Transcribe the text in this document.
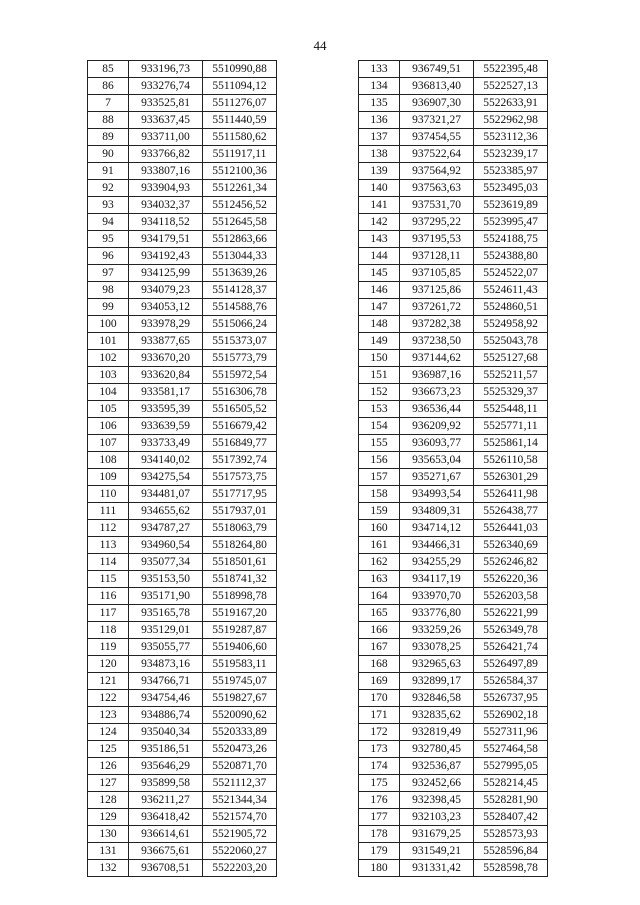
44
85	933196,73	5510990,88
86	933276,74	5511094,12
7	933525,81	5511276,07
88	933637,45	5511440,59
89	933711,00	5511580,62
90	933766,82	5511917,11
91	933807,16	5512100,36
92	933904,93	5512261,34
93	934032,37	5512456,52
94	934118,52	5512645,58
95	934179,51	5512863,66
96	934192,43	5513044,33
97	934125,99	5513639,26
98	934079,23	5514128,37
99	934053,12	5514588,76
100	933978,29	5515066,24
101	933877,65	5515373,07
102	933670,20	5515773,79
103	933620,84	5515972,54
104	933581,17	5516306,78
105	933595,39	5516505,52
106	933639,59	5516679,42
107	933733,49	5516849,77
108	934140,02	5517392,74
109	934275,54	5517573,75
110	934481,07	5517717,95
111	934655,62	5517937,01
112	934787,27	5518063,79
113	934960,54	5518264,80
114	935077,34	5518501,61
115	935153,50	5518741,32
116	935171,90	5518998,78
117	935165,78	5519167,20
118	935129,01	5519287,87
119	935055,77	5519406,60
120	934873,16	5519583,11
121	934766,71	5519745,07
122	934754,46	5519827,67
123	934886,74	5520090,62
124	935040,34	5520333,89
125	935186,51	5520473,26
126	935646,29	5520871,70
127	935899,58	5521112,37
128	936211,27	5521344,34
129	936418,42	5521574,70
130	936614,61	5521905,72
131	936675,61	5522060,27
132	936708,51	5522203,20
133	936749,51	5522395,48
134	936813,40	5522527,13
135	936907,30	5522633,91
136	937321,27	5522962,98
137	937454,55	5523112,36
138	937522,64	5523239,17
139	937564,92	5523385,97
140	937563,63	5523495,03
141	937531,70	5523619,89
142	937295,22	5523995,47
143	937195,53	5524188,75
144	937128,11	5524388,80
145	937105,85	5524522,07
146	937125,86	5524611,43
147	937261,72	5524860,51
148	937282,38	5524958,92
149	937238,50	5525043,78
150	937144,62	5525127,68
151	936987,16	5525211,57
152	936673,23	5525329,37
153	936536,44	5525448,11
154	936209,92	5525771,11
155	936093,77	5525861,14
156	935653,04	5526110,58
157	935271,67	5526301,29
158	934993,54	5526411,98
159	934809,31	5526438,77
160	934714,12	5526441,03
161	934466,31	5526340,69
162	934255,29	5526246,82
163	934117,19	5526220,36
164	933970,70	5526203,58
165	933776,80	5526221,99
166	933259,26	5526349,78
167	933078,25	5526421,74
168	932965,63	5526497,89
169	932899,17	5526584,37
170	932846,58	5526737,95
171	932835,62	5526902,18
172	932819,49	5527311,96
173	932780,45	5527464,58
174	932536,87	5527995,05
175	932452,66	5528214,45
176	932398,45	5528281,90
177	932103,23	5528407,42
178	931679,25	5528573,93
179	931549,21	5528596,84
180	931331,42	5528598,78
